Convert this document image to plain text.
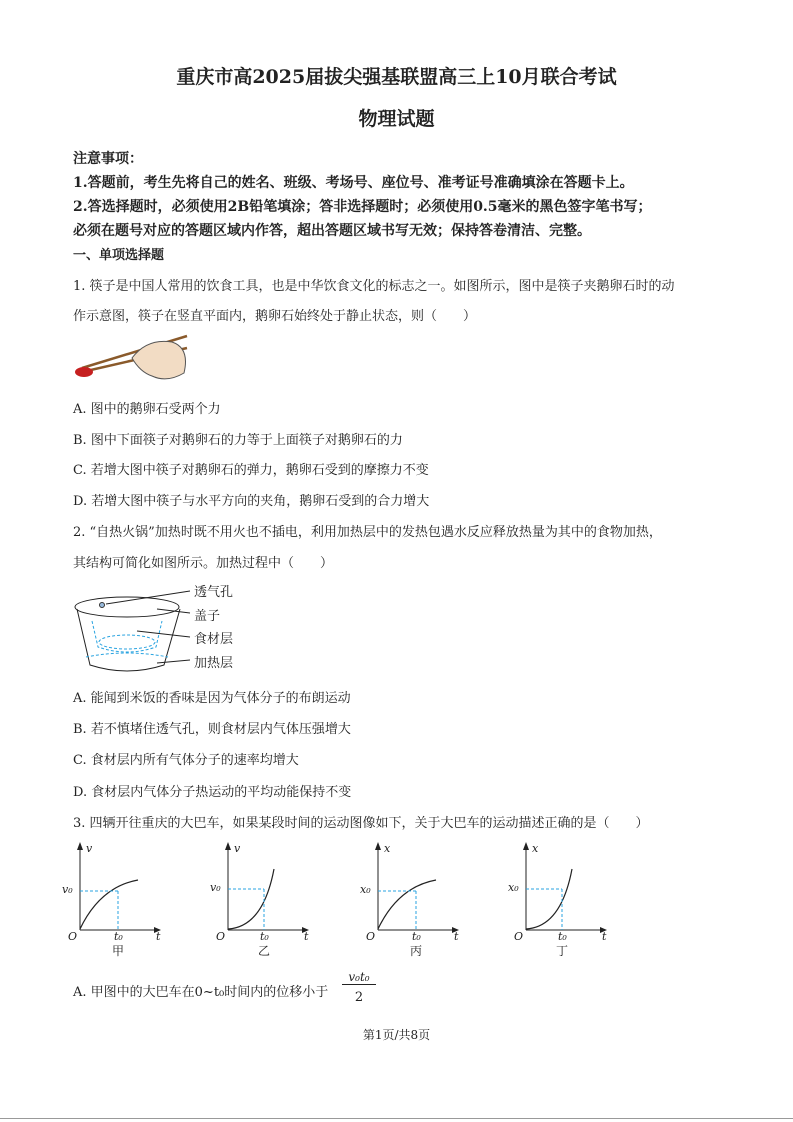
重庆市高2025届拔尖强基联盟高三上10月联合考试
物理试题
注意事项：
1.答题前，考生先将自己的姓名、班级、考场号、座位号、准考证号准确填涂在答题卡上。
2.答选择题时，必须使用2B铅笔填涂；答非选择题时；必须使用0.5毫米的黑色签字笔书写；
必须在题号对应的答题区域内作答，超出答题区域书写无效；保持答卷清洁、完整。
一、单项选择题
1. 筷子是中国人常用的饮食工具，也是中华饮食文化的标志之一。如图所示，图中是筷子夹鹅卵石时的动
作示意图，筷子在竖直平面内，鹅卵石始终处于静止状态，则（　　）
A. 图中的鹅卵石受两个力
B. 图中下面筷子对鹅卵石的力等于上面筷子对鹅卵石的力
C. 若增大图中筷子对鹅卵石的弹力，鹅卵石受到的摩擦力不变
D. 若增大图中筷子与水平方向的夹角，鹅卵石受到的合力增大
2. “自热火锅”加热时既不用火也不插电，利用加热层中的发热包遇水反应释放热量为其中的食物加热，
其结构可简化如图所示。加热过程中（　　）
透气孔
盖子
食材层
加热层
A. 能闻到米饭的香味是因为气体分子的布朗运动
B. 若不慎堵住透气孔，则食材层内气体压强增大
C. 食材层内所有气体分子的速率均增大
D. 食材层内气体分子热运动的平均动能保持不变
3. 四辆开往重庆的大巴车，如果某段时间的运动图像如下，关于大巴车的运动描述正确的是（　　）
v
v₀
O	t₀	t
甲
v
v₀
O	t₀	t
乙
x
x₀
O	t₀	t
丙
x
x₀
O	t₀	t
丁
A. 甲图中的大巴车在0~t₀时间内的位移小于
v₀t₀
2
第1页/共8页
